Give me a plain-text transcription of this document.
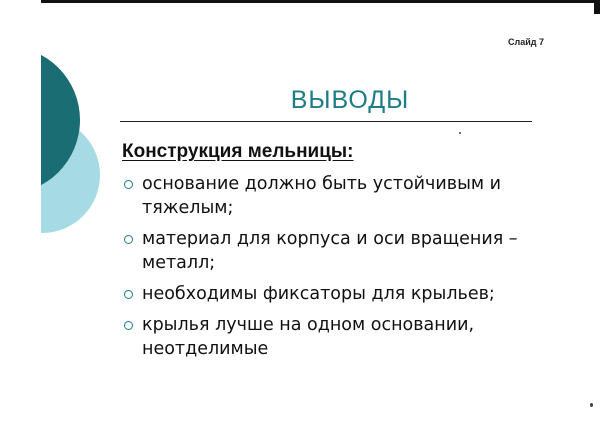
Слайд 7
ВЫВОДЫ
Конструкция мельницы:
основание должно быть устойчивым и тяжелым;
материал для корпуса и оси вращения – металл;
необходимы фиксаторы для крыльев;
крылья лучше на одном основании, неотделимые
